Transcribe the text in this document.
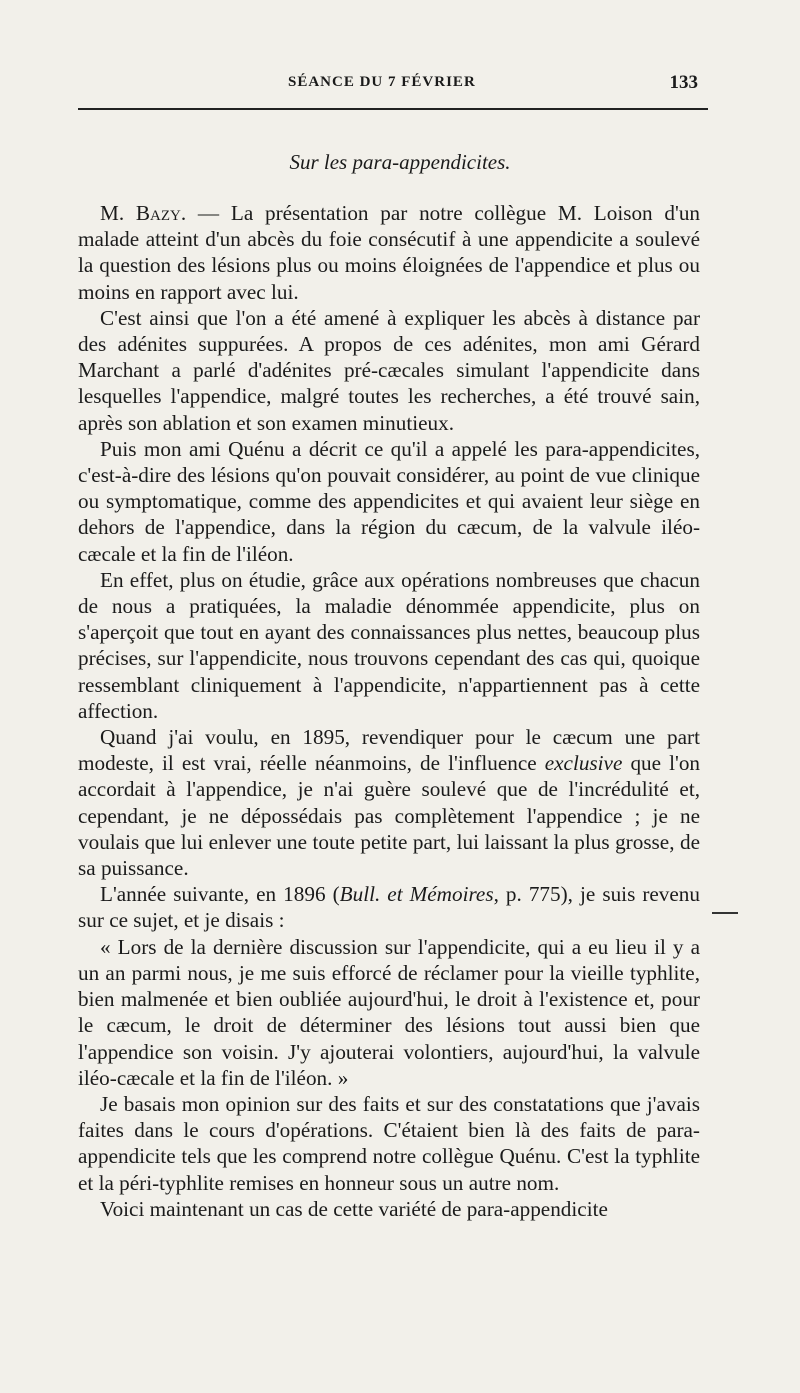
SÉANCE DU 7 FÉVRIER	133
Sur les para-appendicites.

M. Bazy. — La présentation par notre collègue M. Loison d'un malade atteint d'un abcès du foie consécutif à une appendicite a soulevé la question des lésions plus ou moins éloignées de l'appendice et plus ou moins en rapport avec lui.

C'est ainsi que l'on a été amené à expliquer les abcès à distance par des adénites suppurées. A propos de ces adénites, mon ami Gérard Marchant a parlé d'adénites pré-cæcales simulant l'appendicite dans lesquelles l'appendice, malgré toutes les recherches, a été trouvé sain, après son ablation et son examen minutieux.

Puis mon ami Quénu a décrit ce qu'il a appelé les para-appendicites, c'est-à-dire des lésions qu'on pouvait considérer, au point de vue clinique ou symptomatique, comme des appendicites et qui avaient leur siège en dehors de l'appendice, dans la région du cæcum, de la valvule iléo-cæcale et la fin de l'iléon.

En effet, plus on étudie, grâce aux opérations nombreuses que chacun de nous a pratiquées, la maladie dénommée appendicite, plus on s'aperçoit que tout en ayant des connaissances plus nettes, beaucoup plus précises, sur l'appendicite, nous trouvons cependant des cas qui, quoique ressemblant cliniquement à l'appendicite, n'appartiennent pas à cette affection.

Quand j'ai voulu, en 1895, revendiquer pour le cæcum une part modeste, il est vrai, réelle néanmoins, de l'influence exclusive que l'on accordait à l'appendice, je n'ai guère soulevé que de l'incrédulité et, cependant, je ne dépossédais pas complètement l'appendice ; je ne voulais que lui enlever une toute petite part, lui laissant la plus grosse, de sa puissance.

L'année suivante, en 1896 (Bull. et Mémoires, p. 775), je suis revenu sur ce sujet, et je disais :

« Lors de la dernière discussion sur l'appendicite, qui a eu lieu il y a un an parmi nous, je me suis efforcé de réclamer pour la vieille typhlite, bien malmenée et bien oubliée aujourd'hui, le droit à l'existence et, pour le cæcum, le droit de déterminer des lésions tout aussi bien que l'appendice son voisin. J'y ajouterai volontiers, aujourd'hui, la valvule iléo-cæcale et la fin de l'iléon. »

Je basais mon opinion sur des faits et sur des constatations que j'avais faites dans le cours d'opérations. C'étaient bien là des faits de para-appendicite tels que les comprend notre collègue Quénu. C'est la typhlite et la péri-typhlite remises en honneur sous un autre nom.

Voici maintenant un cas de cette variété de para-appendicite
